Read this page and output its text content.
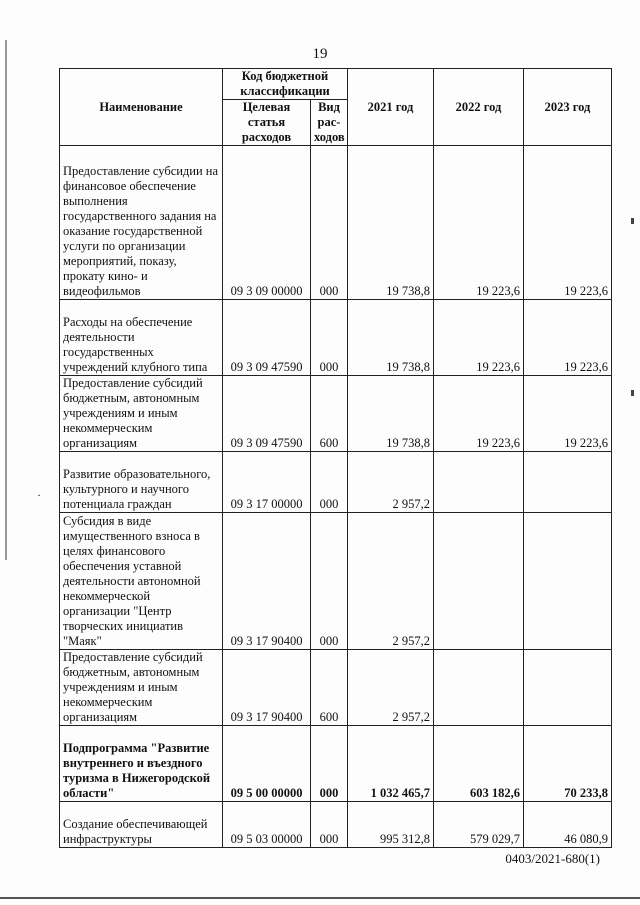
·
19
Наименование	Код бюджетной классификации		2021 год	2022 год	2023 год
	Целевая статья расходов	Вид рас-ходов			
Предоставление субсидии на финансовое обеспечение выполнения государственного задания на оказание государственной услуги по организации мероприятий, показу, прокату кино- и видеофильмов	09 3 09 00000	000	19 738,8	19 223,6	19 223,6
Расходы на обеспечение деятельности государственных учреждений клубного типа	09 3 09 47590	000	19 738,8	19 223,6	19 223,6
Предоставление субсидий бюджетным, автономным учреждениям и иным некоммерческим организациям	09 3 09 47590	600	19 738,8	19 223,6	19 223,6
Развитие образовательного, культурного и научного потенциала граждан	09 3 17 00000	000	2 957,2		
Субсидия в виде имущественного взноса в целях финансового обеспечения уставной деятельности автономной некоммерческой организации "Центр творческих инициатив "Маяк"	09 3 17 90400	000	2 957,2		
Предоставление субсидий бюджетным, автономным учреждениям и иным некоммерческим организациям	09 3 17 90400	600	2 957,2		
Подпрограмма "Развитие внутреннего и въездного туризма в Нижегородской области"	09 5 00 00000	000	1 032 465,7	603 182,6	70 233,8
Создание обеспечивающей инфраструктуры	09 5 03 00000	000	995 312,8	579 029,7	46 080,9
0403/2021-680(1)
